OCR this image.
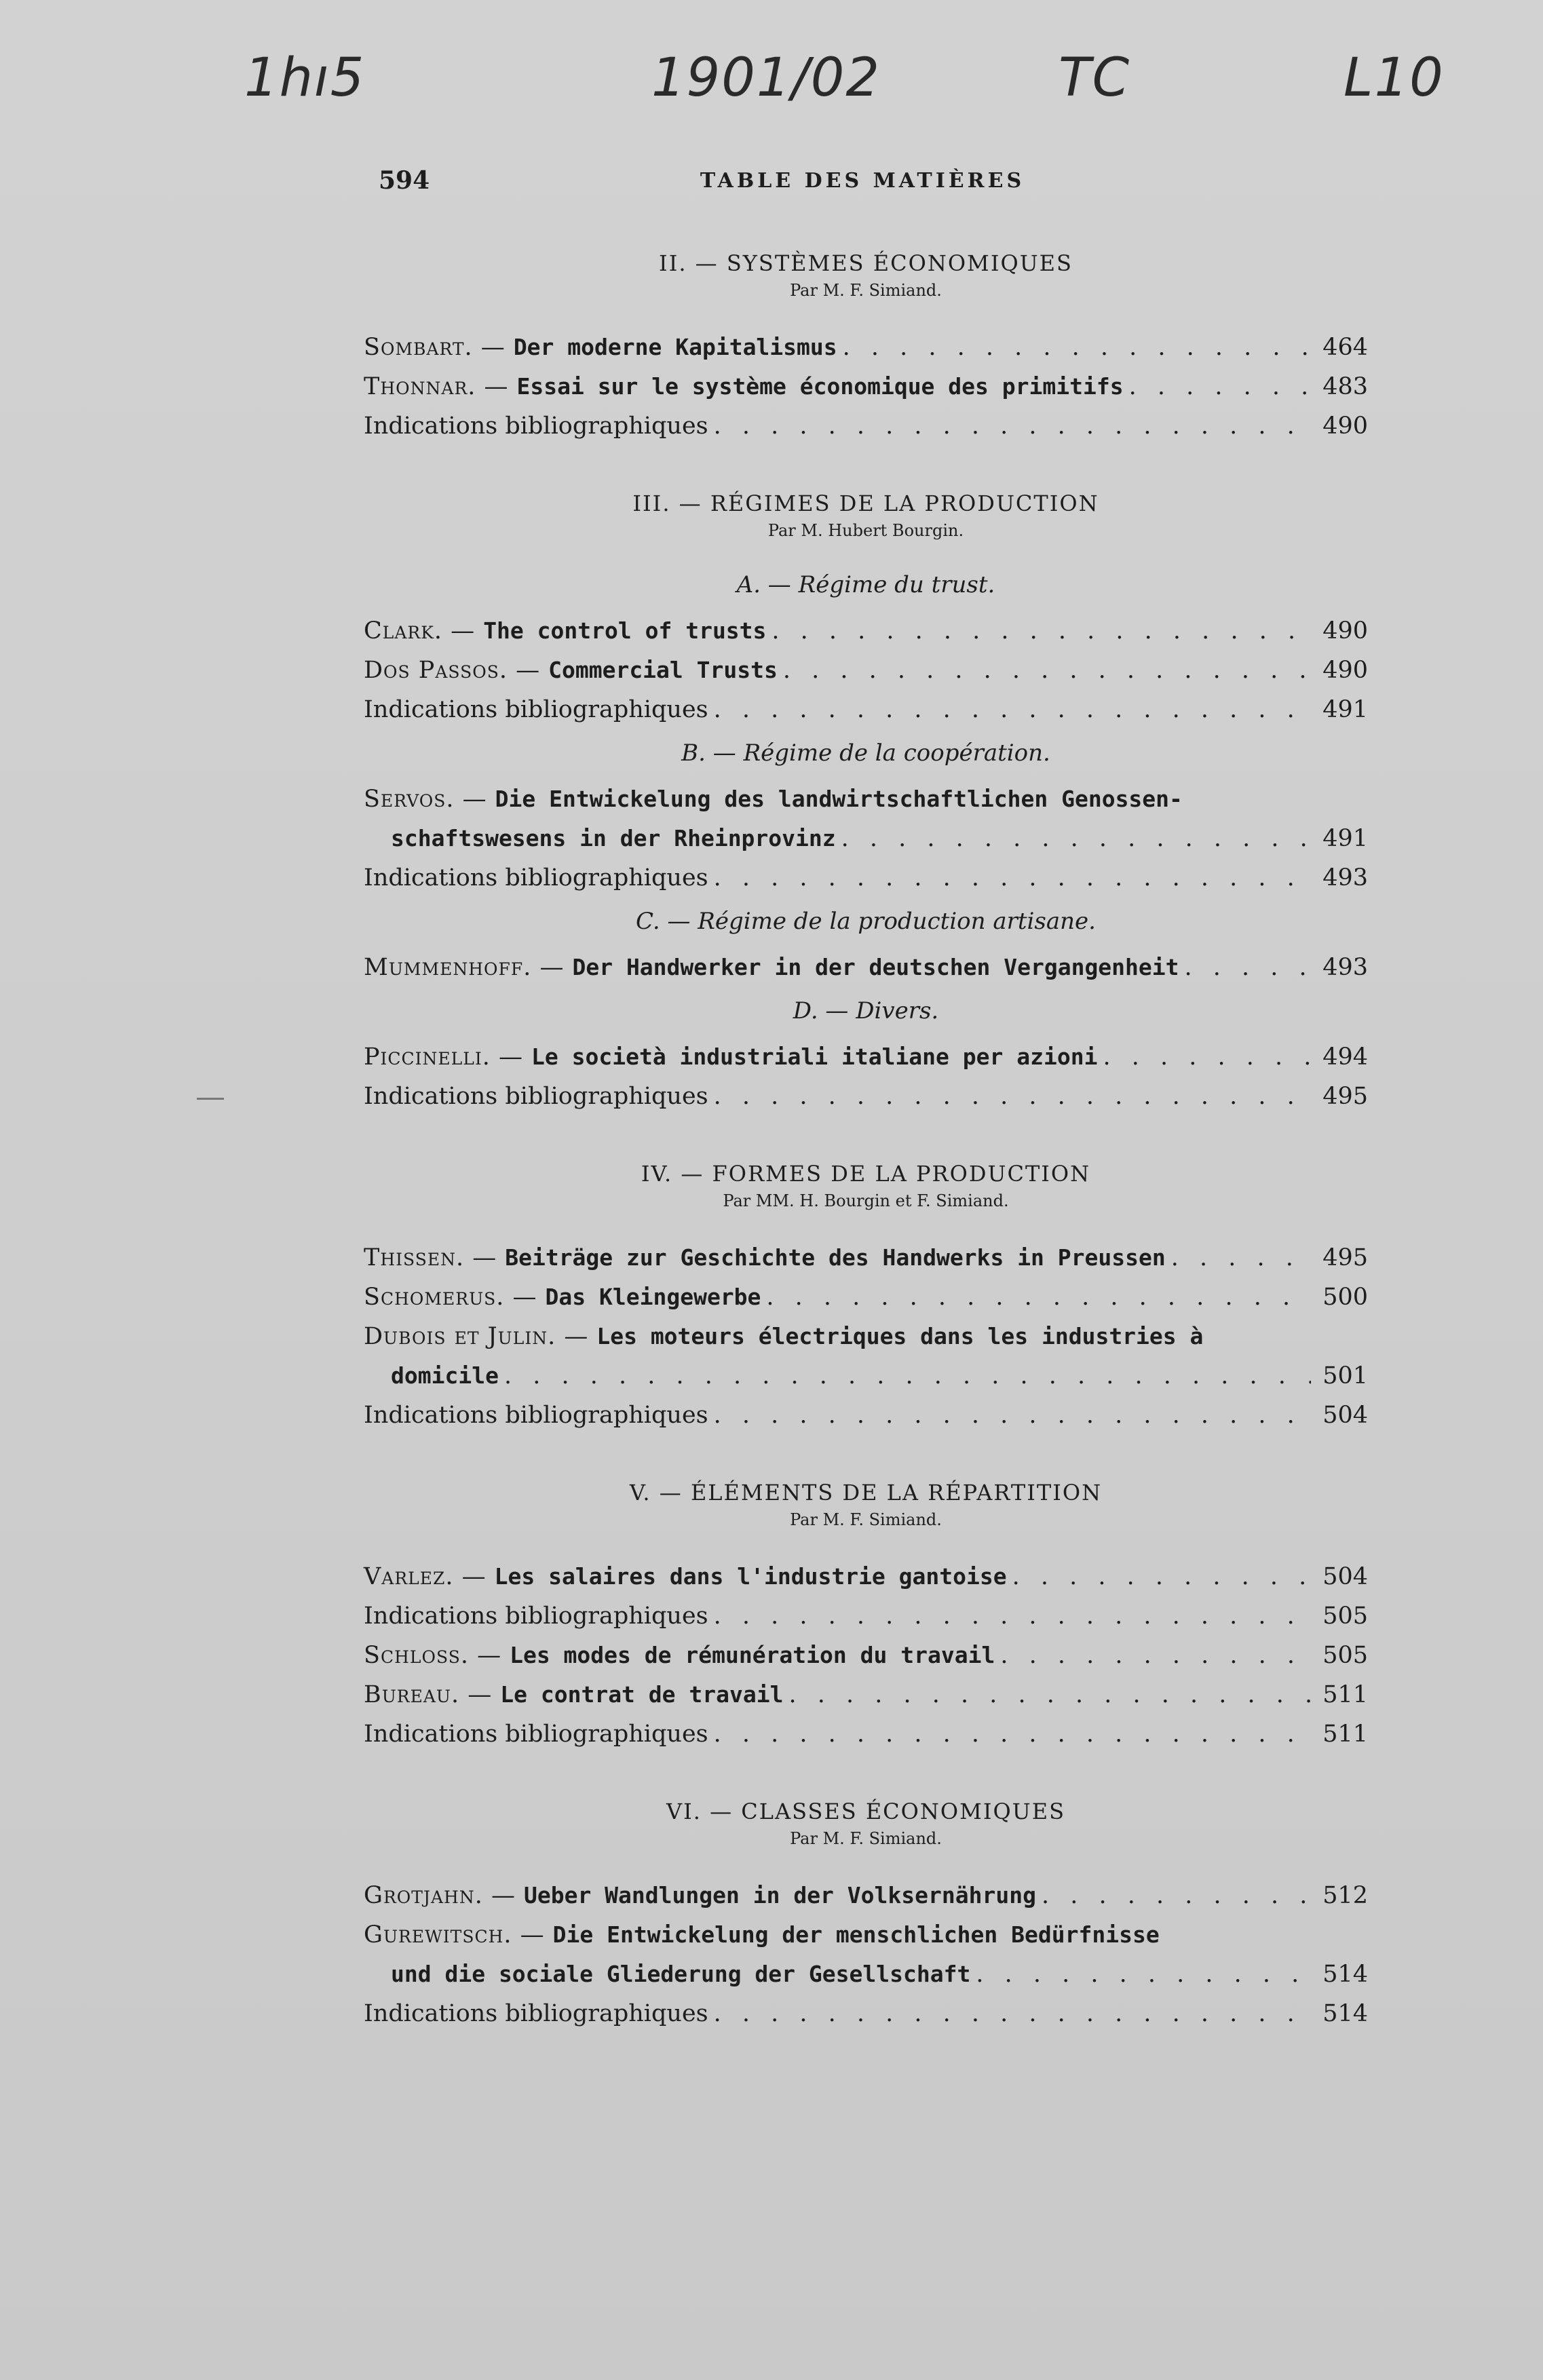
1hı5	1901/02	TC	L10
594	TABLE DES MATIÈRES
II. — SYSTÈMES ÉCONOMIQUES
Par M. F. Simiand.
Sombart. — Der moderne Kapitalismus . . .	464
Thonnar. — Essai sur le système économique des primitifs . . .	483
Indications bibliographiques . . .	490
III. — RÉGIMES DE LA PRODUCTION
Par M. Hubert Bourgin.
A. — Régime du trust.
Clark. — The control of trusts . . .	490
Dos Passos. — Commercial Trusts . . .	490
Indications bibliographiques . . .	491
B. — Régime de la coopération.
Servos. — Die Entwickelung des landwirtschaftlichen Genossen-
schaftswesens in der Rheinprovinz . . .	491
Indications bibliographiques . . .	493
C. — Régime de la production artisane.
Mummenhoff. — Der Handwerker in der deutschen Vergangenheit . . .	493
D. — Divers.
Piccinelli. — Le società industriali italiane per azioni . . .	494
Indications bibliographiques . . .	495
IV. — FORMES DE LA PRODUCTION
Par MM. H. Bourgin et F. Simiand.
Thissen. — Beiträge zur Geschichte des Handwerks in Preussen . . .	495
Schomerus. — Das Kleingewerbe . . .	500
Dubois et Julin. — Les moteurs électriques dans les industries à
domicile . . .	501
Indications bibliographiques . . .	504
V. — ÉLÉMENTS DE LA RÉPARTITION
Par M. F. Simiand.
Varlez. — Les salaires dans l'industrie gantoise . . .	504
Indications bibliographiques . . .	505
Schloss. — Les modes de rémunération du travail . . .	505
Bureau. — Le contrat de travail . . .	511
Indications bibliographiques . . .	511
VI. — CLASSES ÉCONOMIQUES
Par M. F. Simiand.
Grotjahn. — Ueber Wandlungen in der Volksernährung . . .	512
Gurewitsch. — Die Entwickelung der menschlichen Bedürfnisse
und die sociale Gliederung der Gesellschaft . . .	514
Indications bibliographiques . . .	514
